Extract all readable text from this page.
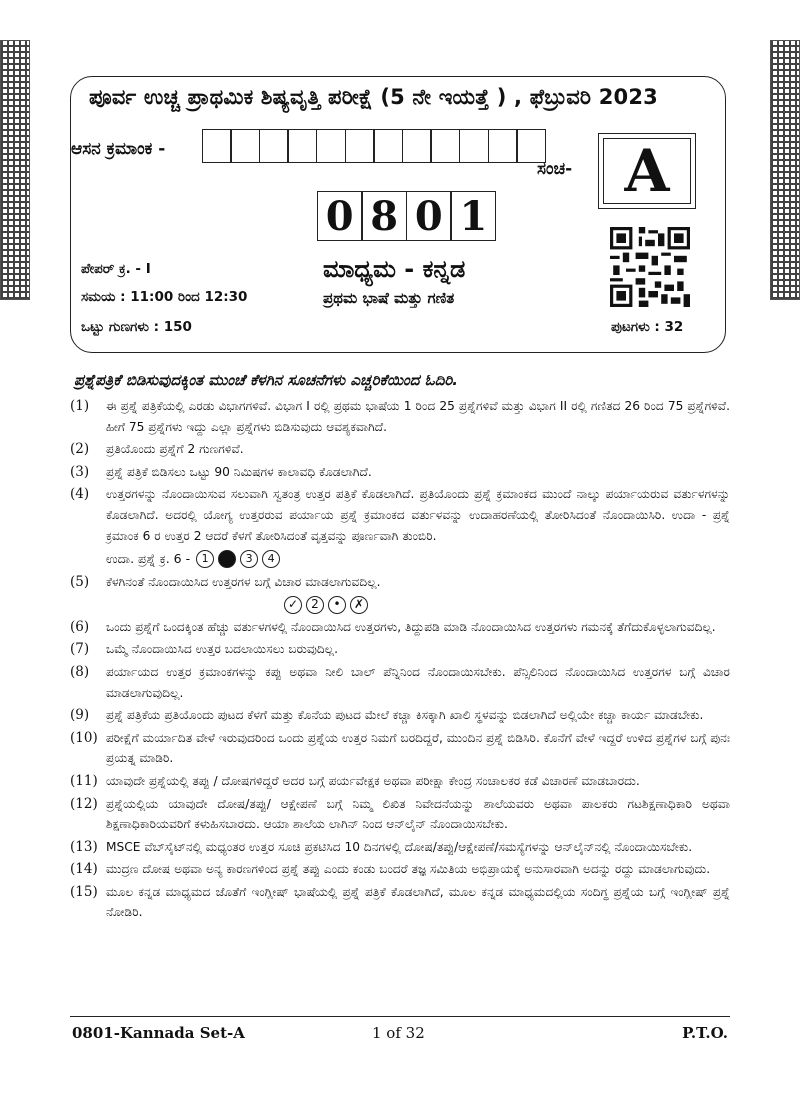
ಪೂರ್ವ ಉಚ್ಚ ಪ್ರಾಥಮಿಕ ಶಿಷ್ಯವೃತ್ತಿ ಪರೀಕ್ಷೆ (5 ನೇ ಇಯತ್ತೆ ) , ಫೆಬ್ರುವರಿ 2023
ಆಸನ ಕ್ರಮಾಂಕ -
ಸಂಚ- A
0 8 0 1
ಪೇಪರ್ ಕ್ರ. - I
ಸಮಯ : 11:00 ರಿಂದ 12:30
ಒಟ್ಟು ಗುಣಗಳು : 150
ಮಾಧ್ಯಮ - ಕನ್ನಡ
ಪ್ರಥಮ ಭಾಷೆ ಮತ್ತು ಗಣಿತ
ಪುಟಗಳು : 32
ಪ್ರಶ್ನೆಪತ್ರಿಕೆ ಬಿಡಿಸುವುದಕ್ಕಿಂತ ಮುಂಚೆ ಕೆಳಗಿನ ಸೂಚನೆಗಳು ಎಚ್ಚರಿಕೆಯಿಂದ ಓದಿರಿ.
(1)	ಈ ಪ್ರಶ್ನೆ ಪತ್ರಿಕೆಯಲ್ಲಿ ಎರಡು ವಿಭಾಗಗಳಿವೆ. ವಿಭಾಗ I ರಲ್ಲಿ ಪ್ರಥಮ ಭಾಷೆಯ 1 ರಿಂದ 25 ಪ್ರಶ್ನೆಗಳಿವೆ ಮತ್ತು ವಿಭಾಗ II ರಲ್ಲಿ ಗಣಿತದ 26 ರಿಂದ 75 ಪ್ರಶ್ನೆಗಳಿವೆ. ಹೀಗೆ 75 ಪ್ರಶ್ನೆಗಳು ಇದ್ದು ಎಲ್ಲಾ ಪ್ರಶ್ನೆಗಳು ಬಿಡಿಸುವುದು ಆವಶ್ಯಕವಾಗಿದೆ.
(2)	ಪ್ರತಿಯೊಂದು ಪ್ರಶ್ನೆಗೆ 2 ಗುಣಗಳಿವೆ.
(3)	ಪ್ರಶ್ನೆ ಪತ್ರಿಕೆ ಬಿಡಿಸಲು ಒಟ್ಟು 90 ನಿಮಿಷಗಳ ಕಾಲಾವಧಿ ಕೊಡಲಾಗಿದೆ.
(4)	ಉತ್ತರಗಳನ್ನು ನೊಂದಾಯಿಸುವ ಸಲುವಾಗಿ ಸ್ವತಂತ್ರ ಉತ್ತರ ಪತ್ರಿಕೆ ಕೊಡಲಾಗಿದೆ. ಪ್ರತಿಯೊಂದು ಪ್ರಶ್ನೆ ಕ್ರಮಾಂಕದ ಮುಂದೆ ನಾಲ್ಕು ಪರ್ಯಾಯರುವ ವರ್ತುಳಗಳನ್ನು ಕೊಡಲಾಗಿದೆ. ಅದರಲ್ಲಿ ಯೋಗ್ಯ ಉತ್ತರರುವ ಪರ್ಯಾಯ ಪ್ರಶ್ನೆ ಕ್ರಮಾಂಕದ ವರ್ತುಳವನ್ನು ಉದಾಹರಣೆಯಲ್ಲಿ ತೋರಿಸಿದಂತೆ ನೊಂದಾಯಿಸಿರಿ. ಉದಾ - ಪ್ರಶ್ನೆ ಕ್ರಮಾಂಕ 6 ರ ಉತ್ತರ 2 ಆದರೆ ಕೆಳಗೆ ತೋರಿಸಿದಂತೆ ವೃತ್ತವನ್ನು ಪೂರ್ಣವಾಗಿ ತುಂಬಿರಿ.
ಉದಾ. ಪ್ರಶ್ನೆ ಕ್ರ. 6 -	1	3	4
(5)	ಕೆಳಗಿನಂತೆ ನೊಂದಾಯಿಸಿದ ಉತ್ತರಗಳ ಬಗ್ಗೆ ವಿಚಾರ ಮಾಡಲಾಗುವದಿಲ್ಲ.
✓	2	•	✗
(6)	ಒಂದು ಪ್ರಶ್ನೆಗೆ ಒಂದಕ್ಕಿಂತ ಹೆಚ್ಚು ವರ್ತುಳಗಳಲ್ಲಿ ನೊಂದಾಯಿಸಿದ ಉತ್ತರಗಳು, ತಿದ್ದುಪಡಿ ಮಾಡಿ ನೊಂದಾಯಿಸಿದ ಉತ್ತರಗಳು ಗಮನಕ್ಕೆ ತೆಗೆದುಕೊಳ್ಳಲಾಗುವದಿಲ್ಲ.
(7)	ಒಮ್ಮೆ ನೊಂದಾಯಿಸಿದ ಉತ್ತರ ಬದಲಾಯಿಸಲು ಬರುವುದಿಲ್ಲ.
(8)	ಪರ್ಯಾಯದ ಉತ್ತರ ಕ್ರಮಾಂಕಗಳನ್ನು ಕಪ್ಪು ಅಥವಾ ನೀಲಿ ಬಾಲ್ ಪೆನ್ನಿನಿಂದ ನೊಂದಾಯಿಸಬೇಕು. ಪೆನ್ಸಿಲಿನಿಂದ ನೊಂದಾಯಿಸಿದ ಉತ್ತರಗಳ ಬಗ್ಗೆ ವಿಚಾರ ಮಾಡಲಾಗುವುದಿಲ್ಲ.
(9)	ಪ್ರಶ್ನೆ ಪತ್ರಿಕೆಯ ಪ್ರತಿಯೊಂದು ಪುಟದ ಕೆಳಗೆ ಮತ್ತು ಕೊನೆಯ ಪುಟದ ಮೇಲೆ ಕಚ್ಚಾ ಕಿಸಕ್ಕಾಗಿ ಖಾಲಿ ಸ್ಥಳವನ್ನು ಬಿಡಲಾಗಿದೆ ಅಲ್ಲಿಯೇ ಕಚ್ಚಾ ಕಾರ್ಯ ಮಾಡಬೇಕು.
(10) ಪರೀಕ್ಷೆಗೆ ಮರ್ಯಾದಿತ ವೇಳೆ ಇರುವುದರಿಂದ ಒಂದು ಪ್ರಶ್ನೆಯ ಉತ್ತರ ನಿಮಗೆ ಬರದಿದ್ದರೆ, ಮುಂದಿನ ಪ್ರಶ್ನೆ ಬಿಡಿಸಿರಿ. ಕೊನೆಗೆ ವೇಳೆ ಇದ್ದರೆ ಉಳಿದ ಪ್ರಶ್ನೆಗಳ ಬಗ್ಗೆ ಪುನಃ ಪ್ರಯತ್ನ ಮಾಡಿರಿ.
(11) ಯಾವುದೇ ಪ್ರಶ್ನೆಯಲ್ಲಿ ತಪ್ಪು / ದೋಷಗಳಿದ್ದರೆ ಅದರ ಬಗ್ಗೆ ಪರ್ಯವೇಕ್ಷಕ ಅಥವಾ ಪರೀಕ್ಷಾ ಕೇಂದ್ರ ಸಂಚಾಲಕರ ಕಡೆ ವಿಚಾರಣೆ ಮಾಡಬಾರದು.
(12) ಪ್ರಶ್ನೆಯಲ್ಲಿಯ ಯಾವುದೇ ದೋಷ/ತಪ್ಪು/ ಆಕ್ಷೇಪಣೆ ಬಗ್ಗೆ ನಿಮ್ಮ ಲಿಖಿತ ನಿವೇದನೆಯನ್ನು ಶಾಲೆಯವರು ಅಥವಾ ಪಾಲಕರು ಗಟಶಿಕ್ಷಣಾಧಿಕಾರಿ ಅಥವಾ ಶಿಕ್ಷಣಾಧಿಕಾರಿಯವರಿಗೆ ಕಳುಹಿಸಬಾರದು. ಆಯಾ ಶಾಲೆಯ ಲಾಗಿನ್ ನಿಂದ ಆನ್‌ಲೈನ್ ನೊಂದಾಯಿಸಬೇಕು.
(13) MSCE ವೆಬ್‌ಸೈಟ್‌ನಲ್ಲಿ ಮಧ್ಯಂತರ ಉತ್ತರ ಸೂಚಿ ಪ್ರಕಟಿಸಿದ 10 ದಿನಗಳಲ್ಲಿ ದೋಷ/ತಪ್ಪು/ಆಕ್ಷೇಪಣೆ/ಸಮಸ್ಯೆಗಳನ್ನು ಆನ್‌ಲೈನ್‌ನಲ್ಲಿ ನೊಂದಾಯಿಸಬೇಕು.
(14) ಮುದ್ರಣ ದೋಷ ಅಥವಾ ಅನ್ಯ ಕಾರಣಗಳಿಂದ ಪ್ರಶ್ನೆ ತಪ್ಪು ಎಂದು ಕಂಡು ಬಂದರೆ ತಜ್ಞ ಸಮಿತಿಯ ಅಭಿಪ್ರಾಯಕ್ಕೆ ಅನುಸಾರವಾಗಿ ಅದನ್ನು ರದ್ದು ಮಾಡಲಾಗುವುದು.
(15) ಮೂಲ ಕನ್ನಡ ಮಾಧ್ಯಮದ ಜೊತೆಗೆ ಇಂಗ್ಲೀಷ್ ಭಾಷೆಯಲ್ಲಿ ಪ್ರಶ್ನೆ ಪತ್ರಿಕೆ ಕೊಡಲಾಗಿದೆ, ಮೂಲ ಕನ್ನಡ ಮಾಧ್ಯಮದಲ್ಲಿಯ ಸಂದಿಗ್ಧ ಪ್ರಶ್ನೆಯ ಬಗ್ಗೆ ಇಂಗ್ಲೀಷ್ ಪ್ರಶ್ನೆ ನೋಡಿರಿ.
0801-Kannada Set-A	1 of 32	P.T.O.
